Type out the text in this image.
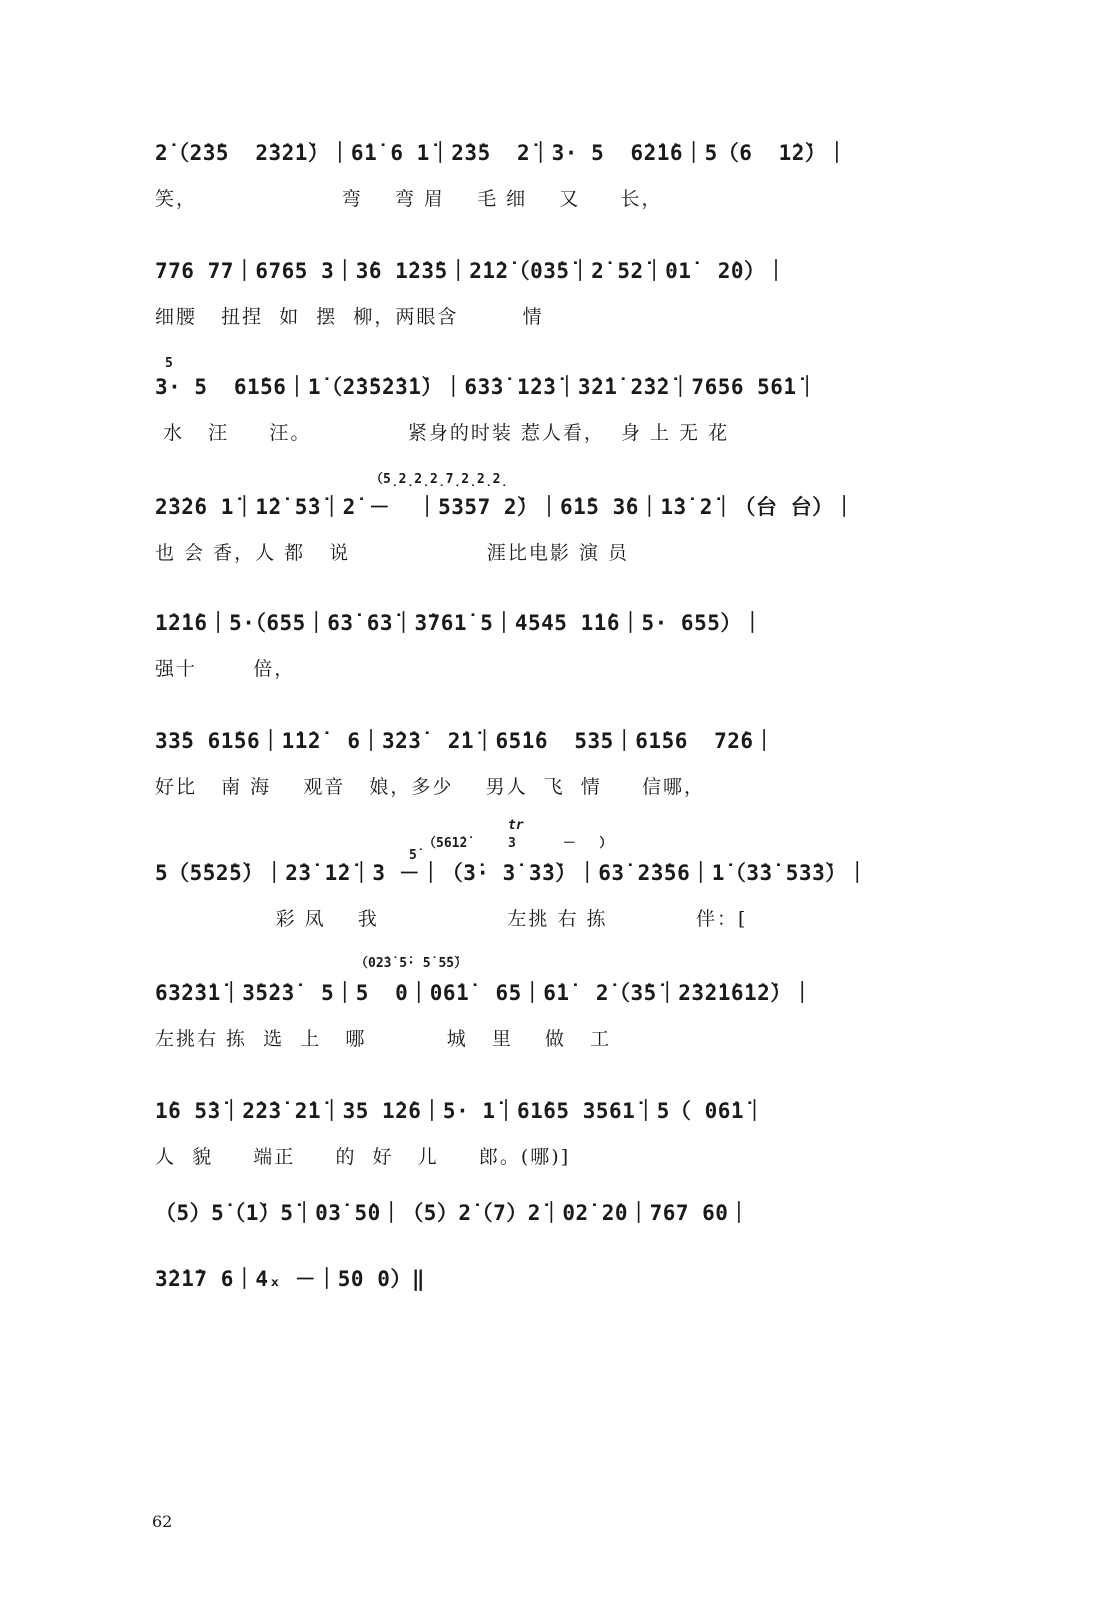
2̇（2̇3̇5  2̇3̇2̇1̇）｜6̇1̇ 6 1̇｜2̇3̇5  2̇｜3· 5  6̇2̇1̇6｜5（6  1̇2̇）｜
笑，                  弯    弯 眉    毛 细    又     长，
776 77｜6765 3｜3̇6 1̇2̇3̇5｜2̇1̇2̇（03̇5̇｜2̇ 52̇｜01̇  2̇0）｜
细腰   扭捏  如  摆  柳，两眼含        情
5
3· 5  61̇56｜1̇（2̇3̇5̇2̇3̇1̇）｜63̇3̇ 1̇2̇3̇｜3̇2̇1̇ 2̇3̇2̇｜7656 56̇1̇｜
水   汪     汪。            紧身的时装 惹人看，  身 上 无 花
（5̣2̣2̣2̣7̣2̣2̣2̣
2̇3̇2̇6 1̇｜1̇2̇ 5̇3̇｜2̇ －  ｜5357 2̇）｜6̇1̇5 3̇6｜1̇3̇ 2̇｜（台 台）｜
也 会 香，人 都   说                 涯比电影 演 员
1̇2̇1̇6｜5·（655｜63̇ 63̇｜3̇761̇ 5｜4545 1̇1̇6｜5· 655）｜
强十       倍，
33̇5 61̇56｜1̇1̇2̇  6｜3̇2̇3̇  2̇1̇｜65̇1̇6  535｜61̇56  72̇6｜
好比   南 海    观音   娘，多少    男人  飞  情     信哪，
（561̇2̇
tr
3      －   ）
5̇
5（5̇52̇5̇）｜2̇3̇ 1̇2̇｜3 －｜（3̇· 3̇ 3̇3̇）｜63̇ 2̇3̇56｜1̇（3̇3̇ 53̇3̇）｜
彩 凤    我                左挑 右 拣           伴：[
（02̇3̇ 5̇· 5̇ 5̇5̇）
63̇2̇3̇1̇｜3̇5̇2̇3̇  5｜5  0｜06̇1̇  65｜6̇1̇  2̇（3̇5̇｜2̇3̇2̇1̇6̇1̇2̇）｜
左挑右 拣  选  上   哪          城   里    做   工
1̇6 5̇3̇｜2̇2̇3̇ 2̇1̇｜35 1̇2̇6｜5· 1̇｜61̇65 3561̇｜5（ 06̇1̇｜
人  貌     端正     的  好   儿     郎。(哪)]
（5）5̇（1̇）5̇｜03̇ 5̇0｜（5）2̇（7）2̇｜02̇ 2̇0｜767 60｜
3̇2̇1̇7 6｜4ₓ －｜50 0）‖
62
